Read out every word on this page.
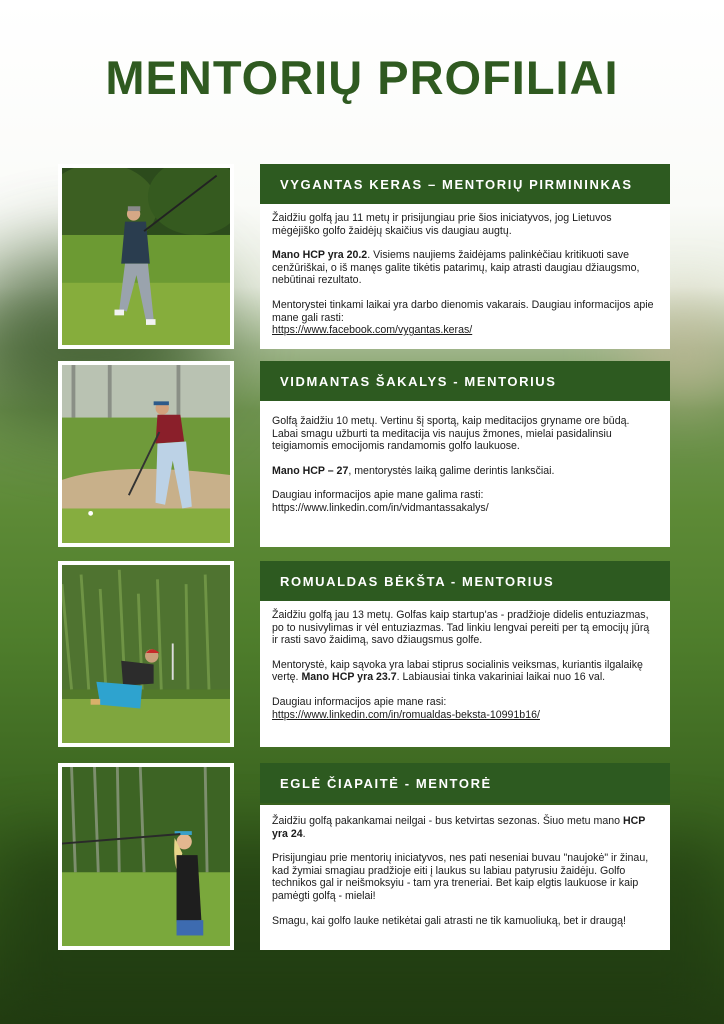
MENTORIŲ PROFILIAI
VYGANTAS KERAS – MENTORIŲ PIRMININKAS

Žaidžiu golfą jau 11 metų ir prisijungiau prie šios iniciatyvos, jog Lietuvos mėgėjiško golfo žaidėjų skaičius vis daugiau augtų.

Mano HCP yra 20.2. Visiems naujiems žaidėjams palinkėčiau kritikuoti save cenžūriškai, o iš manęs galite tikėtis patarimų, kaip atrasti daugiau džiaugsmo, nebūtinai rezultato.

Mentorystei tinkami laikai yra darbo dienomis vakarais. Daugiau informacijos apie mane gali rasti:
https://www.facebook.com/vygantas.keras/

VIDMANTAS ŠAKALYS - MENTORIUS

Golfą žaidžiu 10 metų. Vertinu šį sportą, kaip meditacijos gryname ore būdą. Labai smagu užburti ta meditacija vis naujus žmones, mielai pasidalinsiu teigiamomis emocijomis randamomis golfo laukuose.

Mano HCP – 27, mentorystės laiką galime derintis lanksčiai.

Daugiau informacijos apie mane galima rasti:
https://www.linkedin.com/in/vidmantassakalys/

ROMUALDAS BĖKŠTA - MENTORIUS

Žaidžiu golfą jau 13 metų. Golfas kaip startup'as - pradžioje didelis entuziazmas, po to nusivylimas ir vėl entuziazmas. Tad linkiu lengvai pereiti per tą emocijų jūrą ir rasti savo žaidimą, savo džiaugsmus golfe.

Mentorystė, kaip sąvoka yra labai stiprus socialinis veiksmas, kuriantis ilgalaikę vertę. Mano HCP yra 23.7. Labiausiai tinka vakariniai laikai nuo 16 val.

Daugiau informacijos apie mane rasi:
https://www.linkedin.com/in/romualdas-beksta-10991b16/

EGLĖ ČIAPAITĖ - MENTORĖ

Žaidžiu golfą pakankamai neilgai - bus ketvirtas sezonas. Šiuo metu mano HCP yra 24.

Prisijungiau prie mentorių iniciatyvos, nes pati neseniai buvau "naujokė" ir žinau, kad žymiai smagiau pradžioje eiti į laukus su labiau patyrusiu žaidėju. Golfo technikos gal ir neišmoksyiu - tam yra treneriai. Bet kaip elgtis laukuose ir kaip pamėgti golfą - mielai!

Smagu, kai golfo lauke netikėtai gali atrasti ne tik kamuoliuką, bet ir draugą!
